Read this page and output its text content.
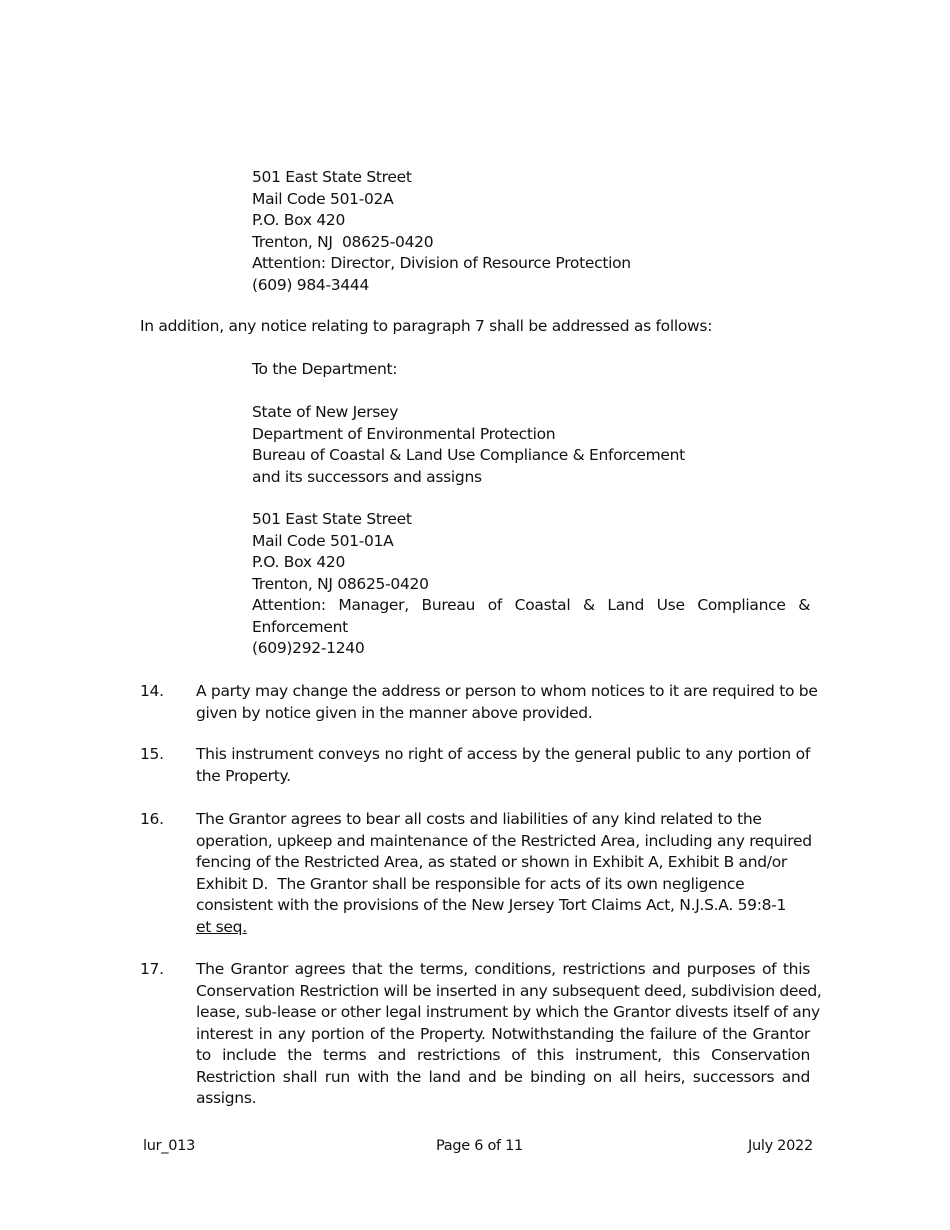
501 East State Street
Mail Code 501-02A
P.O. Box 420
Trenton, NJ  08625-0420
Attention: Director, Division of Resource Protection
(609) 984-3444
In addition, any notice relating to paragraph 7 shall be addressed as follows:
To the Department:
State of New Jersey
Department of Environmental Protection
Bureau of Coastal & Land Use Compliance & Enforcement
and its successors and assigns
501 East State Street
Mail Code 501-01A
P.O. Box 420
Trenton, NJ 08625-0420
Attention: Manager, Bureau of Coastal & Land Use Compliance &
Enforcement
(609)292-1240
14. A party may change the address or person to whom notices to it are required to be
given by notice given in the manner above provided.
15. This instrument conveys no right of access by the general public to any portion of
the Property.
16. The Grantor agrees to bear all costs and liabilities of any kind related to the
operation, upkeep and maintenance of the Restricted Area, including any required
fencing of the Restricted Area, as stated or shown in Exhibit A, Exhibit B and/or
Exhibit D.  The Grantor shall be responsible for acts of its own negligence
consistent with the provisions of the New Jersey Tort Claims Act, N.J.S.A. 59:8-1
et seq.
17. The Grantor agrees that the terms, conditions, restrictions and purposes of this
Conservation Restriction will be inserted in any subsequent deed, subdivision deed,
lease, sub-lease or other legal instrument by which the Grantor divests itself of any
interest in any portion of the Property. Notwithstanding the failure of the Grantor
to include the terms and restrictions of this instrument, this Conservation
Restriction shall run with the land and be binding on all heirs, successors and
assigns.
lur_013	Page 6 of 11	July 2022
